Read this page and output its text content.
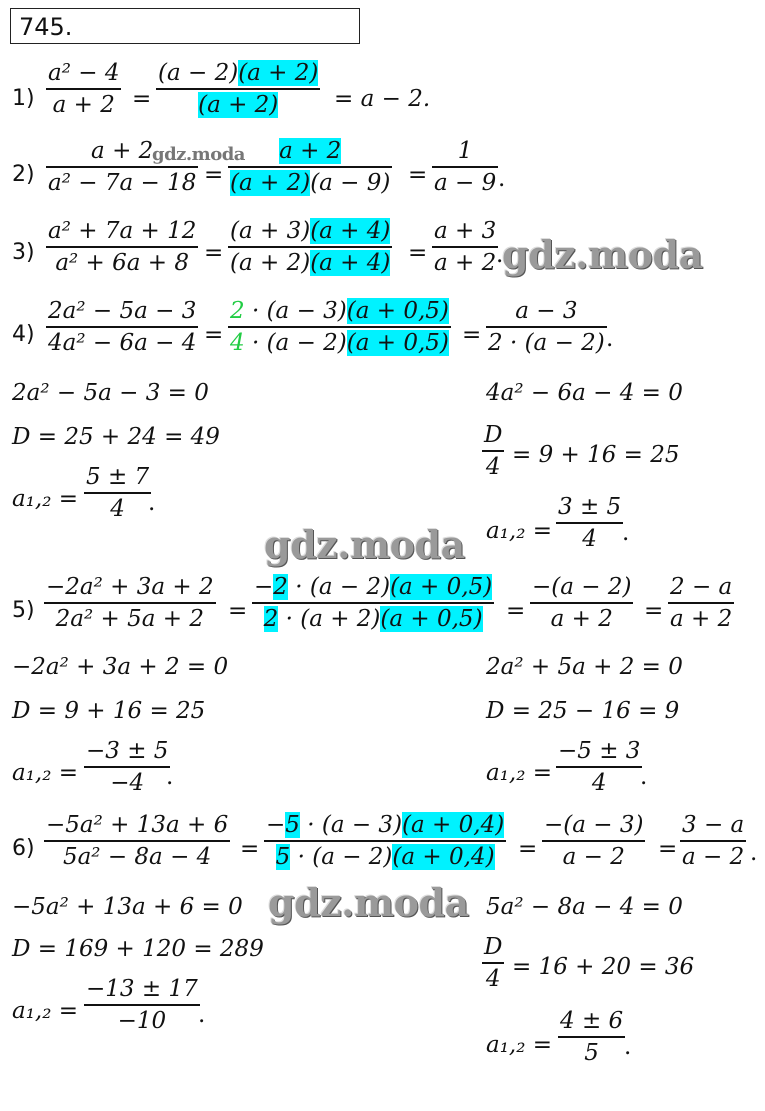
745.
1)
a² − 4
a + 2 =
(a − 2)(a + 2)
(a + 2) = a − 2.
2)
a + 2
a² − 7a − 18 =
a + 2
(a + 2)(a − 9) =
1
a − 9 .
3)
a² + 7a + 12
a² + 6a + 8 =
(a + 3)(a + 4)
(a + 2)(a + 4) =
a + 3
a + 2 .
4)
2a² − 5a − 3
4a² − 6a − 4 =
2 · (a − 3)(a + 0,5)
4 · (a − 2)(a + 0,5) =
a − 3
2 · (a − 2) .
2a² − 5a − 3 = 0
D = 25 + 24 = 49
a₁,₂ =
5 ± 7
4 .
4a² − 6a − 4 = 0
D
4 = 9 + 16 = 25
a₁,₂ =
3 ± 5
4 .
5)
−2a² + 3a + 2
2a² + 5a + 2 =
−2 · (a − 2)(a + 0,5)
2 · (a + 2)(a + 0,5) =
−(a − 2)
a + 2 =
2 − a
a + 2
−2a² + 3a + 2 = 0
D = 9 + 16 = 25
a₁,₂ =
−3 ± 5
−4 .
2a² + 5a + 2 = 0
D = 25 − 16 = 9
a₁,₂ =
−5 ± 3
4 .
6)
−5a² + 13a + 6
5a² − 8a − 4 =
−5 · (a − 3)(a + 0,4)
5 · (a − 2)(a + 0,4) =
−(a − 3)
a − 2 =
3 − a
a − 2 .
−5a² + 13a + 6 = 0
D = 169 + 120 = 289
a₁,₂ =
−13 ± 17
−10 .
5a² − 8a − 4 = 0
D
4 = 16 + 20 = 36
a₁,₂ =
4 ± 6
5 .
gdz.moda
gdz.moda
gdz.moda
gdz.moda
